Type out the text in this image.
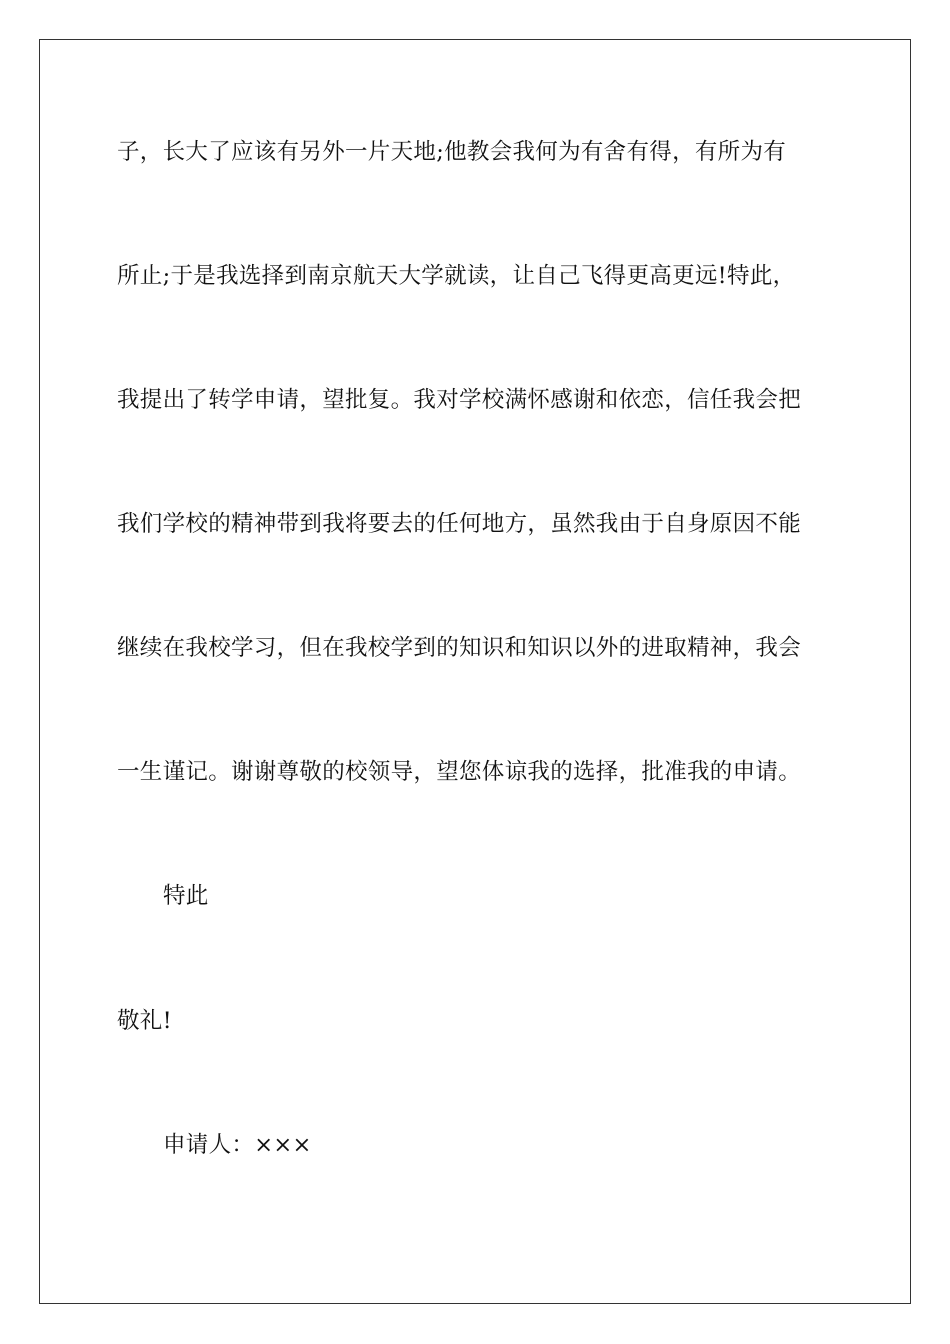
子，长大了应该有另外一片天地;他教会我何为有舍有得，有所为有
所止;于是我选择到南京航天大学就读，让自己飞得更高更远!特此，
我提出了转学申请，望批复。我对学校满怀感谢和依恋，信任我会把
我们学校的精神带到我将要去的任何地方，虽然我由于自身原因不能
继续在我校学习，但在我校学到的知识和知识以外的进取精神，我会
一生谨记。谢谢尊敬的校领导，望您体谅我的选择，批准我的申请。
特此
敬礼!
申请人：×××
